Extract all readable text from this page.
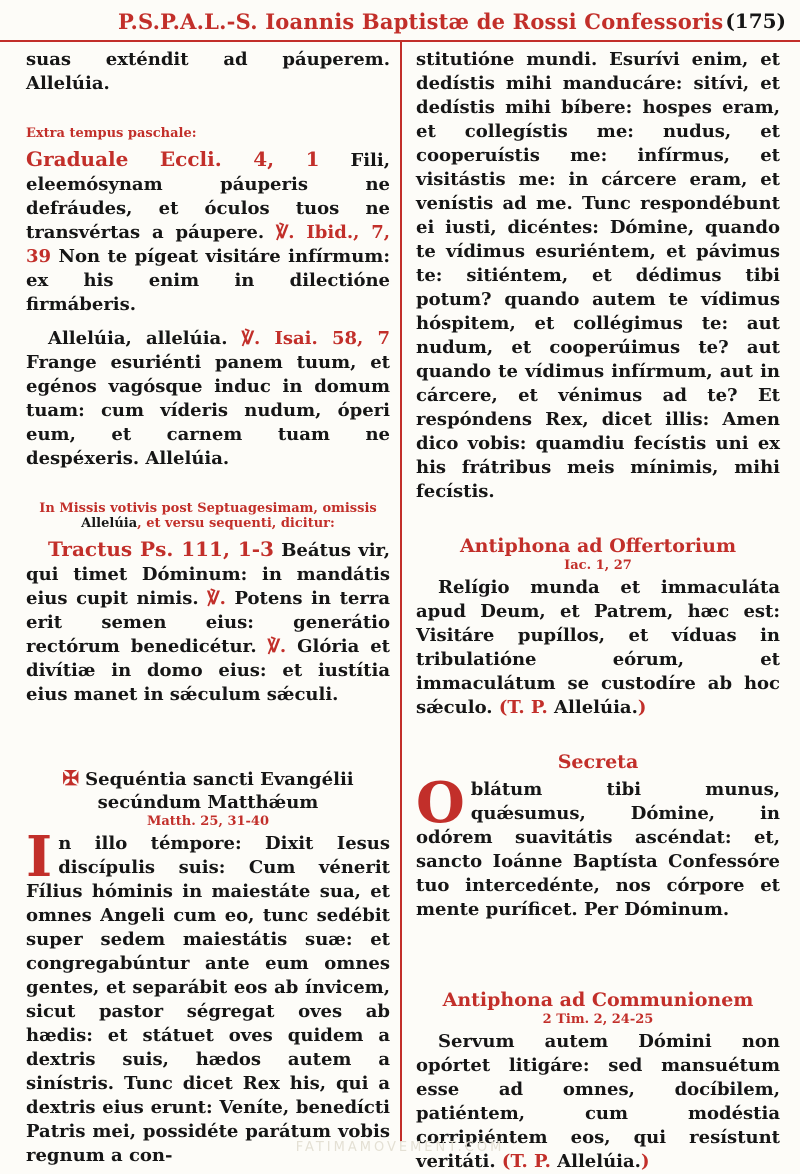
P.S.P.A.L.-S. Ioannis Baptistæ de Rossi Confessoris (175)

suas exténdit ad páuperem. Allelúia.

Extra tempus paschale:

Graduale Eccli. 4, 1 Fili, eleemósynam páuperis ne defráudes, et óculos tuos ne transvértas a páupere. ℣. Ibid., 7, 39 Non te pígeat visitáre infírmum: ex his enim in dilectióne firmáberis.

Allelúia, allelúia. ℣. Isai. 58, 7 Frange esuriénti panem tuum, et egénos vagósque induc in domum tuam: cum víderis nudum, óperi eum, et carnem tuam ne despéxeris. Allelúia.

In Missis votivis post Septuagesimam, omissis Allelúia, et versu sequenti, dicitur:

Tractus Ps. 111, 1-3 Beátus vir, qui timet Dóminum: in mandátis eius cupit nimis. ℣. Potens in terra erit semen eius: generátio rectórum benedicétur. ℣. Glória et divítiæ in domo eius: et iustítia eius manet in sǽculum sǽculi.

✠ Sequéntia sancti Evangélii
secúndum Matthǽum

Matth. 25, 31-40

In illo témpore: Dixit Iesus discípulis suis: Cum vénerit Fílius hóminis in maiestáte sua, et omnes Angeli cum eo, tunc sedébit super sedem maiestátis suæ: et congregabúntur ante eum omnes gentes, et separábit eos ab ínvicem, sicut pastor ségregat oves ab hædis: et státuet oves quidem a dextris suis, hædos autem a sinístris. Tunc dicet Rex his, qui a dextris eius erunt: Veníte, benedícti Patris mei, possidéte parátum vobis regnum a con-

stitutióne mundi. Esurívi enim, et dedístis mihi manducáre: sitívi, et dedístis mihi bíbere: hospes eram, et collegístis me: nudus, et cooperuístis me: infírmus, et visitástis me: in cárcere eram, et venístis ad me. Tunc respondébunt ei iusti, dicéntes: Dómine, quando te vídimus esuriéntem, et pávimus te: sitiéntem, et dédimus tibi potum? quando autem te vídimus hóspitem, et collégimus te: aut nudum, et cooperúimus te? aut quando te vídimus infírmum, aut in cárcere, et vénimus ad te? Et respóndens Rex, dicet illis: Amen dico vobis: quamdiu fecístis uni ex his frátribus meis mínimis, mihi fecístis.

Antiphona ad Offertorium

Iac. 1, 27

Relígio munda et immaculáta apud Deum, et Patrem, hæc est: Visitáre pupíllos, et víduas in tribulatióne eórum, et immaculátum se custodíre ab hoc sǽculo. (T. P. Allelúia.)

Secreta

Oblátum tibi munus, quǽsumus, Dómine, in odórem suavitátis ascéndat: et, sancto Ioánne Baptísta Confessóre tuo intercedénte, nos córpore et mente puríficet. Per Dóminum.

Antiphona ad Communionem

2 Tim. 2, 24-25

Servum autem Dómini non opórtet litigáre: sed mansuétum esse ad omnes, docíbilem, patiéntem, cum modéstia corripiéntem eos, qui resístunt veritáti. (T. P. Allelúia.)

FATIMAMOVEMENT.COM
